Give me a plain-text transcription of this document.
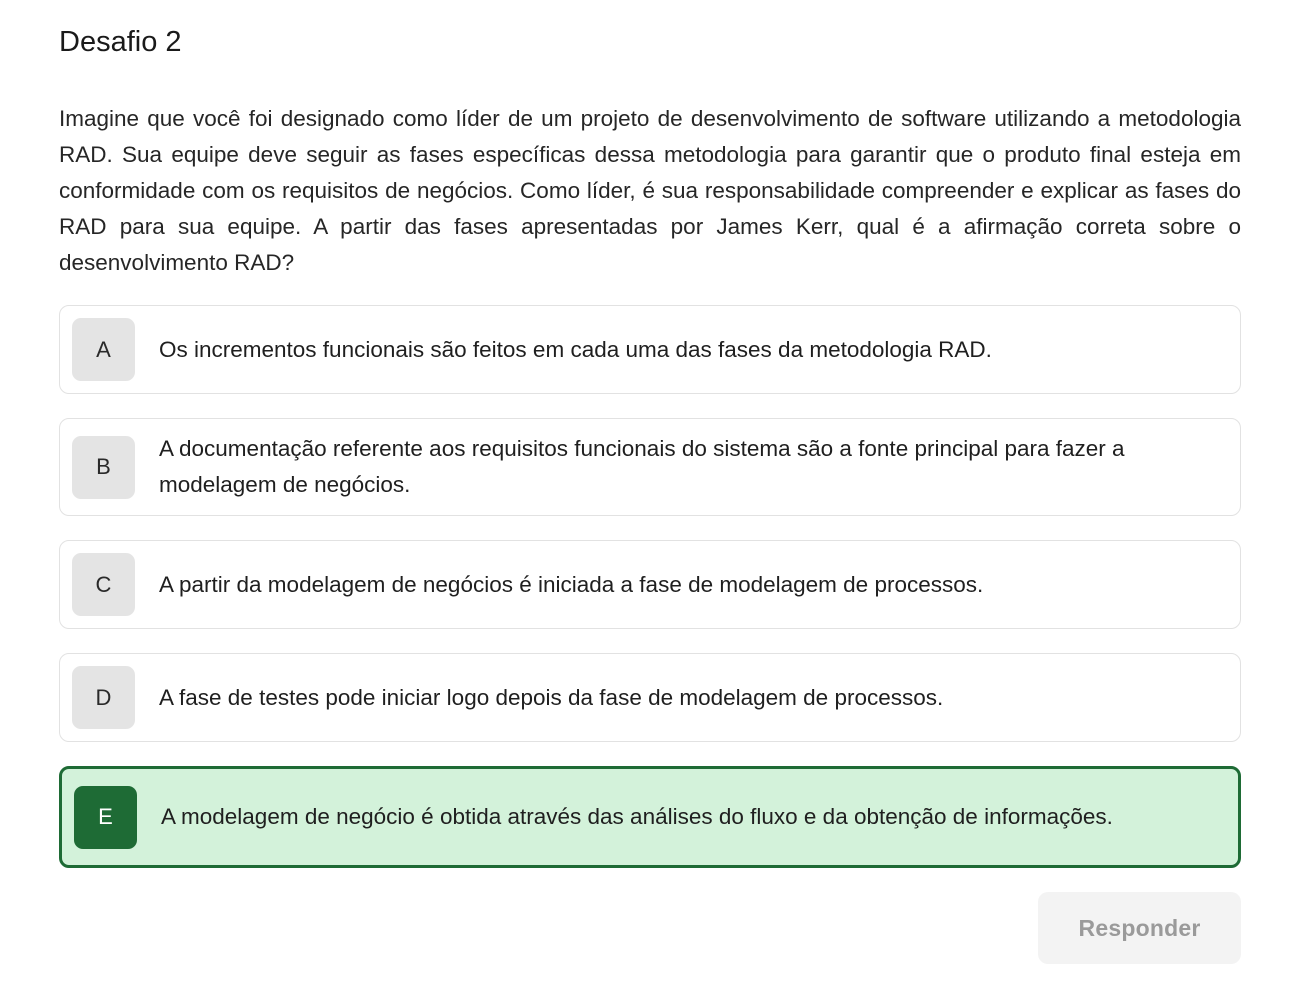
Desafio 2

Imagine que você foi designado como líder de um projeto de desenvolvimento de software utilizando a metodologia RAD. Sua equipe deve seguir as fases específicas dessa metodologia para garantir que o produto final esteja em conformidade com os requisitos de negócios. Como líder, é sua responsabilidade compreender e explicar as fases do RAD para sua equipe. A partir das fases apresentadas por James Kerr, qual é a afirmação correta sobre o desenvolvimento RAD?

A	Os incrementos funcionais são feitos em cada uma das fases da metodologia RAD.
B
A documentação referente aos requisitos funcionais do sistema são a fonte principal para fazer a modelagem de negócios.
C	A partir da modelagem de negócios é iniciada a fase de modelagem de processos.
D	A fase de testes pode iniciar logo depois da fase de modelagem de processos.
E	A modelagem de negócio é obtida através das análises do fluxo e da obtenção de informações.
Responder
